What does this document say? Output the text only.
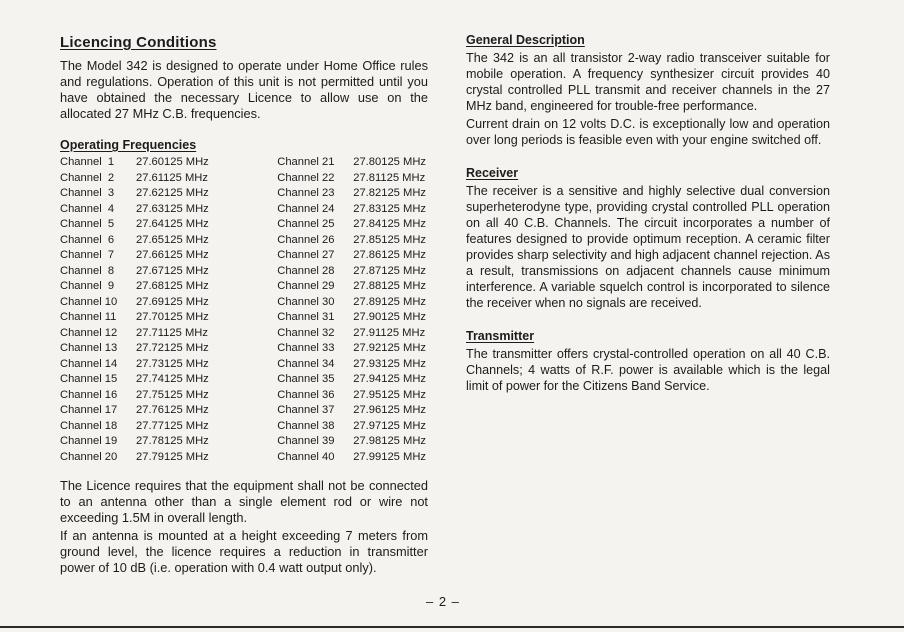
Licencing Conditions

The Model 342 is designed to operate under Home Office rules and regulations. Operation of this unit is not permitted until you have obtained the necessary Licence to allow use on the allocated 27 MHz C.B. frequencies.

Operating Frequencies
Channel  1	27.60125 MHz
Channel  2	27.61125 MHz
Channel  3	27.62125 MHz
Channel  4	27.63125 MHz
Channel  5	27.64125 MHz
Channel  6	27.65125 MHz
Channel  7	27.66125 MHz
Channel  8	27.67125 MHz
Channel  9	27.68125 MHz
Channel 10	27.69125 MHz
Channel 11	27.70125 MHz
Channel 12	27.71125 MHz
Channel 13	27.72125 MHz
Channel 14	27.73125 MHz
Channel 15	27.74125 MHz
Channel 16	27.75125 MHz
Channel 17	27.76125 MHz
Channel 18	27.77125 MHz
Channel 19	27.78125 MHz
Channel 20	27.79125 MHz
Channel 21	27.80125 MHz
Channel 22	27.81125 MHz
Channel 23	27.82125 MHz
Channel 24	27.83125 MHz
Channel 25	27.84125 MHz
Channel 26	27.85125 MHz
Channel 27	27.86125 MHz
Channel 28	27.87125 MHz
Channel 29	27.88125 MHz
Channel 30	27.89125 MHz
Channel 31	27.90125 MHz
Channel 32	27.91125 MHz
Channel 33	27.92125 MHz
Channel 34	27.93125 MHz
Channel 35	27.94125 MHz
Channel 36	27.95125 MHz
Channel 37	27.96125 MHz
Channel 38	27.97125 MHz
Channel 39	27.98125 MHz
Channel 40	27.99125 MHz

The Licence requires that the equipment shall not be connected to an antenna other than a single element rod or wire not exceeding 1.5M in overall length.

If an antenna is mounted at a height exceeding 7 meters from ground level, the licence requires a reduction in transmitter power of 10 dB (i.e. operation with 0.4 watt output only).

General Description

The 342 is an all transistor 2-way radio transceiver suitable for mobile operation. A frequency synthesizer circuit provides 40 crystal controlled PLL transmit and receiver channels in the 27 MHz band, engineered for trouble-free performance.

Current drain on 12 volts D.C. is exceptionally low and operation over long periods is feasible even with your engine switched off.

Receiver

The receiver is a sensitive and highly selective dual conversion superheterodyne type, providing crystal controlled PLL operation on all 40 C.B. Channels. The circuit incorporates a number of features designed to provide optimum reception. A ceramic filter provides sharp selectivity and high adjacent channel rejection. As a result, transmissions on adjacent channels cause minimum interference. A variable squelch control is incorporated to silence the receiver when no signals are received.

Transmitter

The transmitter offers crystal-controlled operation on all 40 C.B. Channels; 4 watts of R.F. power is available which is the legal limit of power for the Citizens Band Service.

– 2 –
